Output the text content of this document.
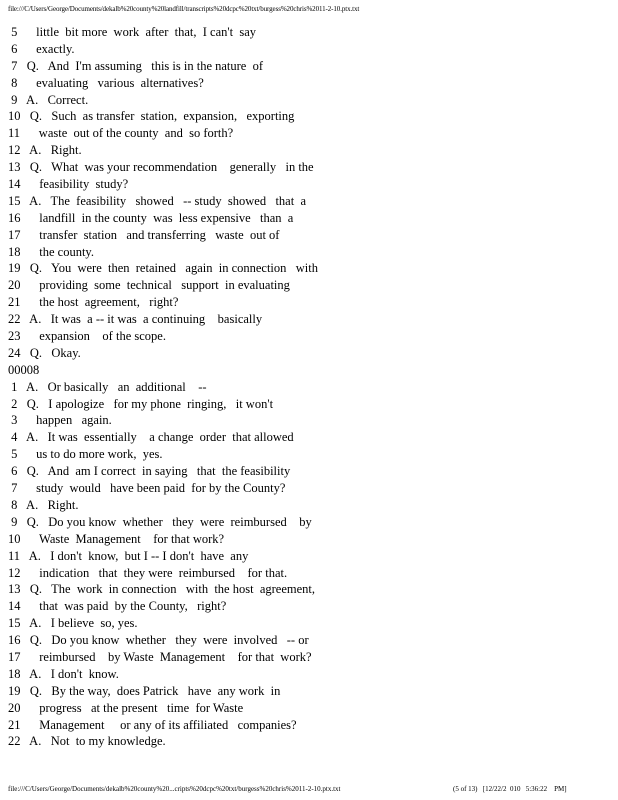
file:///C/Users/George/Documents/dekalb%20county%20landfill/transcripts%20dcpc%20txt/burgess%20chris%2011-2-10.ptx.txt
5      little  bit more  work  after  that,  I can't  say
6      exactly.
7   Q.   And  I'm assuming   this is in the nature  of
8      evaluating   various  alternatives?
9   A.   Correct.
10   Q.   Such  as transfer  station,  expansion,   exporting
11      waste  out of the county  and  so forth?
12   A.   Right.
13   Q.   What  was your recommendation    generally   in the
14      feasibility  study?
15   A.   The  feasibility   showed   -- study  showed   that  a
16      landfill  in the county  was  less expensive   than  a
17      transfer  station   and transferring   waste  out of
18      the county.
19   Q.   You  were  then  retained   again  in connection   with
20      providing  some  technical   support  in evaluating
21      the host  agreement,   right?
22   A.   It was  a -- it was  a continuing    basically
23      expansion    of the scope.
24   Q.   Okay.
00008
1   A.   Or basically   an  additional    --
2   Q.   I apologize   for my phone  ringing,   it won't
3      happen   again.
4   A.   It was  essentially    a change  order  that allowed
5      us to do more work,  yes.
6   Q.   And  am I correct  in saying   that  the feasibility
7      study  would   have been paid  for by the County?
8   A.   Right.
9   Q.   Do you know  whether   they  were  reimbursed    by
10      Waste  Management    for that work?
11   A.   I don't  know,  but I -- I don't  have  any
12      indication   that  they were  reimbursed    for that.
13   Q.   The  work  in connection   with  the host  agreement,
14      that  was paid  by the County,   right?
15   A.   I believe  so, yes.
16   Q.   Do you know  whether   they  were  involved   -- or
17      reimbursed    by Waste  Management    for that  work?
18   A.   I don't  know.
19   Q.   By the way,  does Patrick   have  any work  in
20      progress   at the present   time  for Waste
21      Management     or any of its affiliated   companies?
22   A.   Not  to my knowledge.
file:///C/Users/George/Documents/dekalb%20county%20...cripts%20dcpc%20txt/burgess%20chris%2011-2-10.ptx.txt	(5 of 13)   [12/22/2  010   5:36:22    PM]
